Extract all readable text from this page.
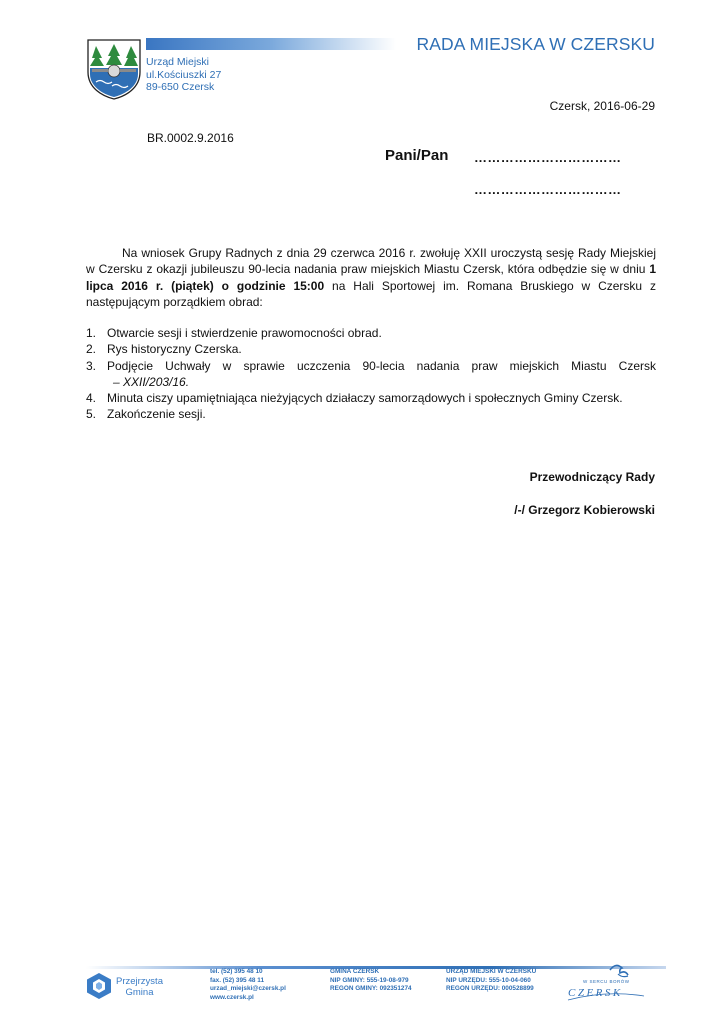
Urząd Miejski
ul.Kościuszki 27
89-650 Czersk
RADA MIEJSKA W CZERSKU
Czersk, 2016-06-29
BR.0002.9.2016
Pani/Pan ……………………………
……………………………

Na wniosek Grupy Radnych z dnia 29 czerwca 2016 r. zwołuję XXII uroczystą sesję Rady Miejskiej w Czersku z okazji jubileuszu 90-lecia nadania praw miejskich Miastu Czersk, która odbędzie się w dniu 1 lipca 2016 r. (piątek) o godzinie 15:00 na Hali Sportowej im. Romana Bruskiego w Czersku z następującym porządkiem obrad:

1. Otwarcie sesji i stwierdzenie prawomocności obrad.
2. Rys historyczny Czerska.
3. Podjęcie Uchwały w sprawie uczczenia 90-lecia nadania praw miejskich Miastu Czersk
– XXII/203/16.
4. Minuta ciszy upamiętniająca nieżyjących działaczy samorządowych i społecznych Gminy Czersk.
5. Zakończenie sesji.
Przewodniczący Rady
/-/ Grzegorz Kobierowski
Przejrzysta
Gmina
tel. (52) 395 48 10
fax. (52) 395 48 11
urzad_miejski@czersk.pl
www.czersk.pl
GMINA CZERSK
NIP GMINY: 555-19-08-979
REGON GMINY: 092351274
URZĄD MIEJSKI W CZERSKU
NIP URZĘDU: 555-10-04-060
REGON URZĘDU: 000528899
W SERCU BORÓW
CZERSK
